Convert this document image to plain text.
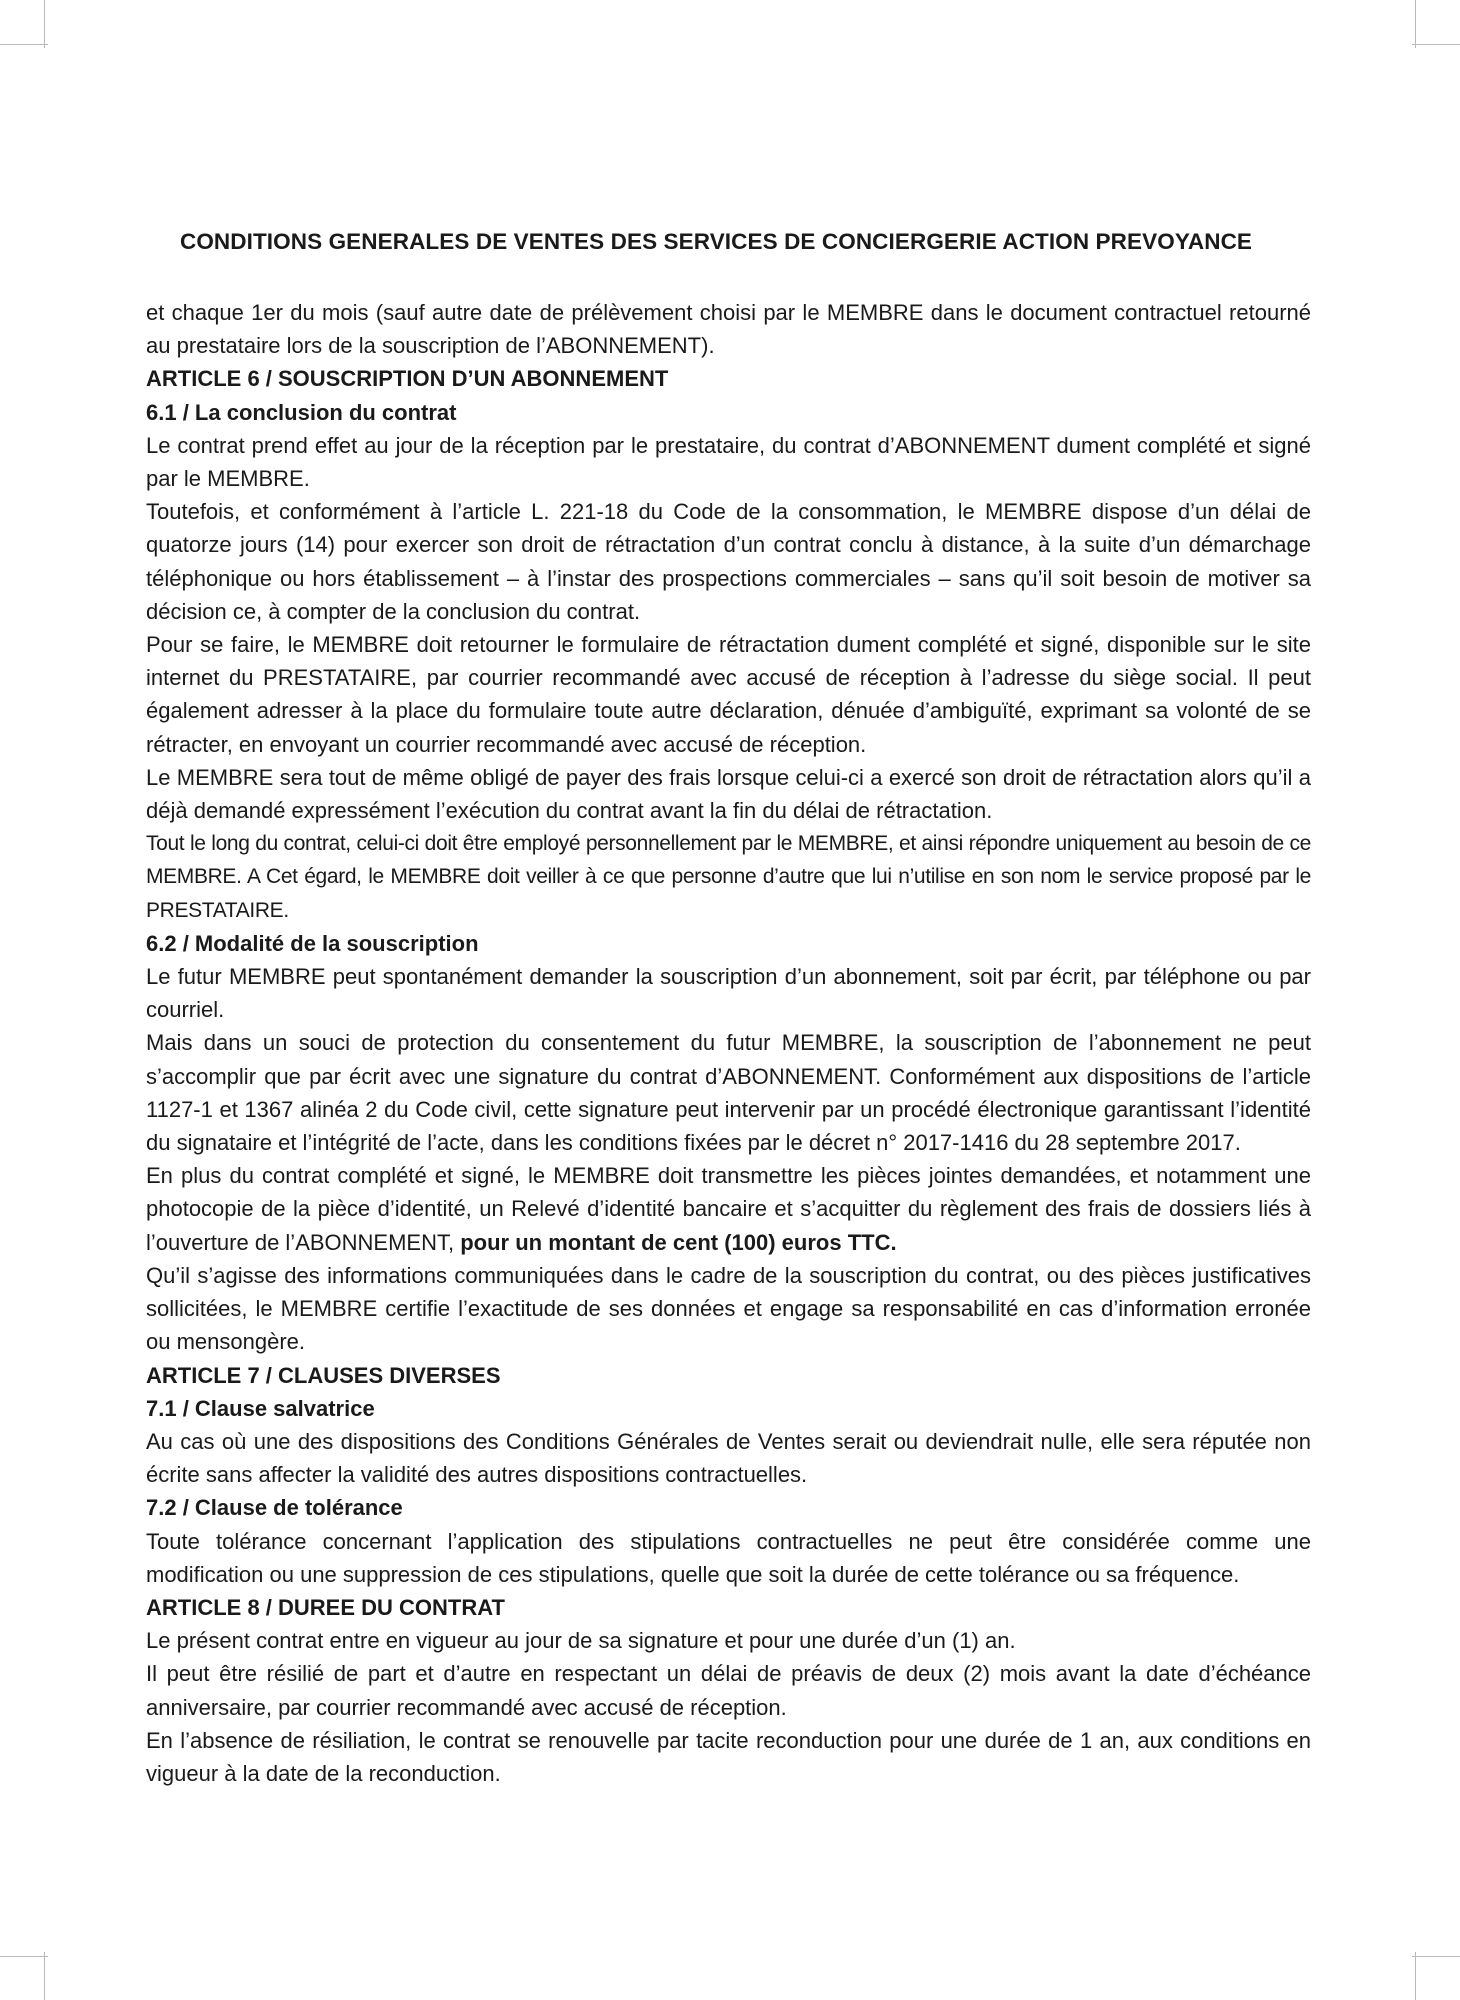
CONDITIONS GENERALES DE VENTES DES SERVICES DE CONCIERGERIE ACTION PREVOYANCE

et chaque 1er du mois (sauf autre date de prélèvement choisi par le MEMBRE dans le document contractuel retourné au prestataire lors de la souscription de l’ABONNEMENT).

ARTICLE 6 / SOUSCRIPTION D’UN ABONNEMENT

6.1 / La conclusion du contrat

Le contrat prend effet au jour de la réception par le prestataire, du contrat d’ABONNEMENT dument complété et signé par le MEMBRE.

Toutefois, et conformément à l’article L. 221-18 du Code de la consommation, le MEMBRE dispose d’un délai de quatorze jours (14) pour exercer son droit de rétractation d’un contrat conclu à distance, à la suite d’un démarchage téléphonique ou hors établissement – à l’instar des prospections commerciales – sans qu’il soit besoin de motiver sa décision ce, à compter de la conclusion du contrat.

Pour se faire, le MEMBRE doit retourner le formulaire de rétractation dument complété et signé, disponible sur le site internet du PRESTATAIRE, par courrier recommandé avec accusé de réception à l’adresse du siège social. Il peut également adresser à la place du formulaire toute autre déclaration, dénuée d’ambiguïté, exprimant sa volonté de se rétracter, en envoyant un courrier recommandé avec accusé de réception.

Le MEMBRE sera tout de même obligé de payer des frais lorsque celui-ci a exercé son droit de rétractation alors qu’il a déjà demandé expressément l’exécution du contrat avant la fin du délai de rétractation.

Tout le long du contrat, celui-ci doit être employé personnellement par le MEMBRE, et ainsi répondre uniquement au besoin de ce MEMBRE. A Cet égard, le MEMBRE doit veiller à ce que personne d’autre que lui n’utilise en son nom le service proposé par le PRESTATAIRE.

6.2 / Modalité de la souscription

Le futur MEMBRE peut spontanément demander la souscription d’un abonnement, soit par écrit, par téléphone ou par courriel.

Mais dans un souci de protection du consentement du futur MEMBRE, la souscription de l’abonnement ne peut s’accomplir que par écrit avec une signature du contrat d’ABONNEMENT. Conformément aux dispositions de l’article 1127-1 et 1367 alinéa 2 du Code civil, cette signature peut intervenir par un procédé électronique garantissant l’identité du signataire et l’intégrité de l’acte, dans les conditions fixées par le décret n° 2017-1416 du 28 septembre 2017.

En plus du contrat complété et signé, le MEMBRE doit transmettre les pièces jointes demandées, et notamment une photocopie de la pièce d’identité, un Relevé d’identité bancaire et s’acquitter du règlement des frais de dossiers liés à l’ouverture de l’ABONNEMENT, pour un montant de cent (100) euros TTC.

Qu’il s’agisse des informations communiquées dans le cadre de la souscription du contrat, ou des pièces justificatives sollicitées, le MEMBRE certifie l’exactitude de ses données et engage sa responsabilité en cas d’information erronée ou mensongère.

ARTICLE 7 / CLAUSES DIVERSES

7.1 / Clause salvatrice

Au cas où une des dispositions des Conditions Générales de Ventes serait ou deviendrait nulle, elle sera réputée non écrite sans affecter la validité des autres dispositions contractuelles.

7.2 / Clause de tolérance

Toute tolérance concernant l’application des stipulations contractuelles ne peut être considérée comme une modification ou une suppression de ces stipulations, quelle que soit la durée de cette tolérance ou sa fréquence.

ARTICLE 8 / DUREE DU CONTRAT

Le présent contrat entre en vigueur au jour de sa signature et pour une durée d’un (1) an.

Il peut être résilié de part et d’autre en respectant un délai de préavis de deux (2) mois avant la date d’échéance anniversaire, par courrier recommandé avec accusé de réception.

En l’absence de résiliation, le contrat se renouvelle par tacite reconduction pour une durée de 1 an, aux conditions en vigueur à la date de la reconduction.
